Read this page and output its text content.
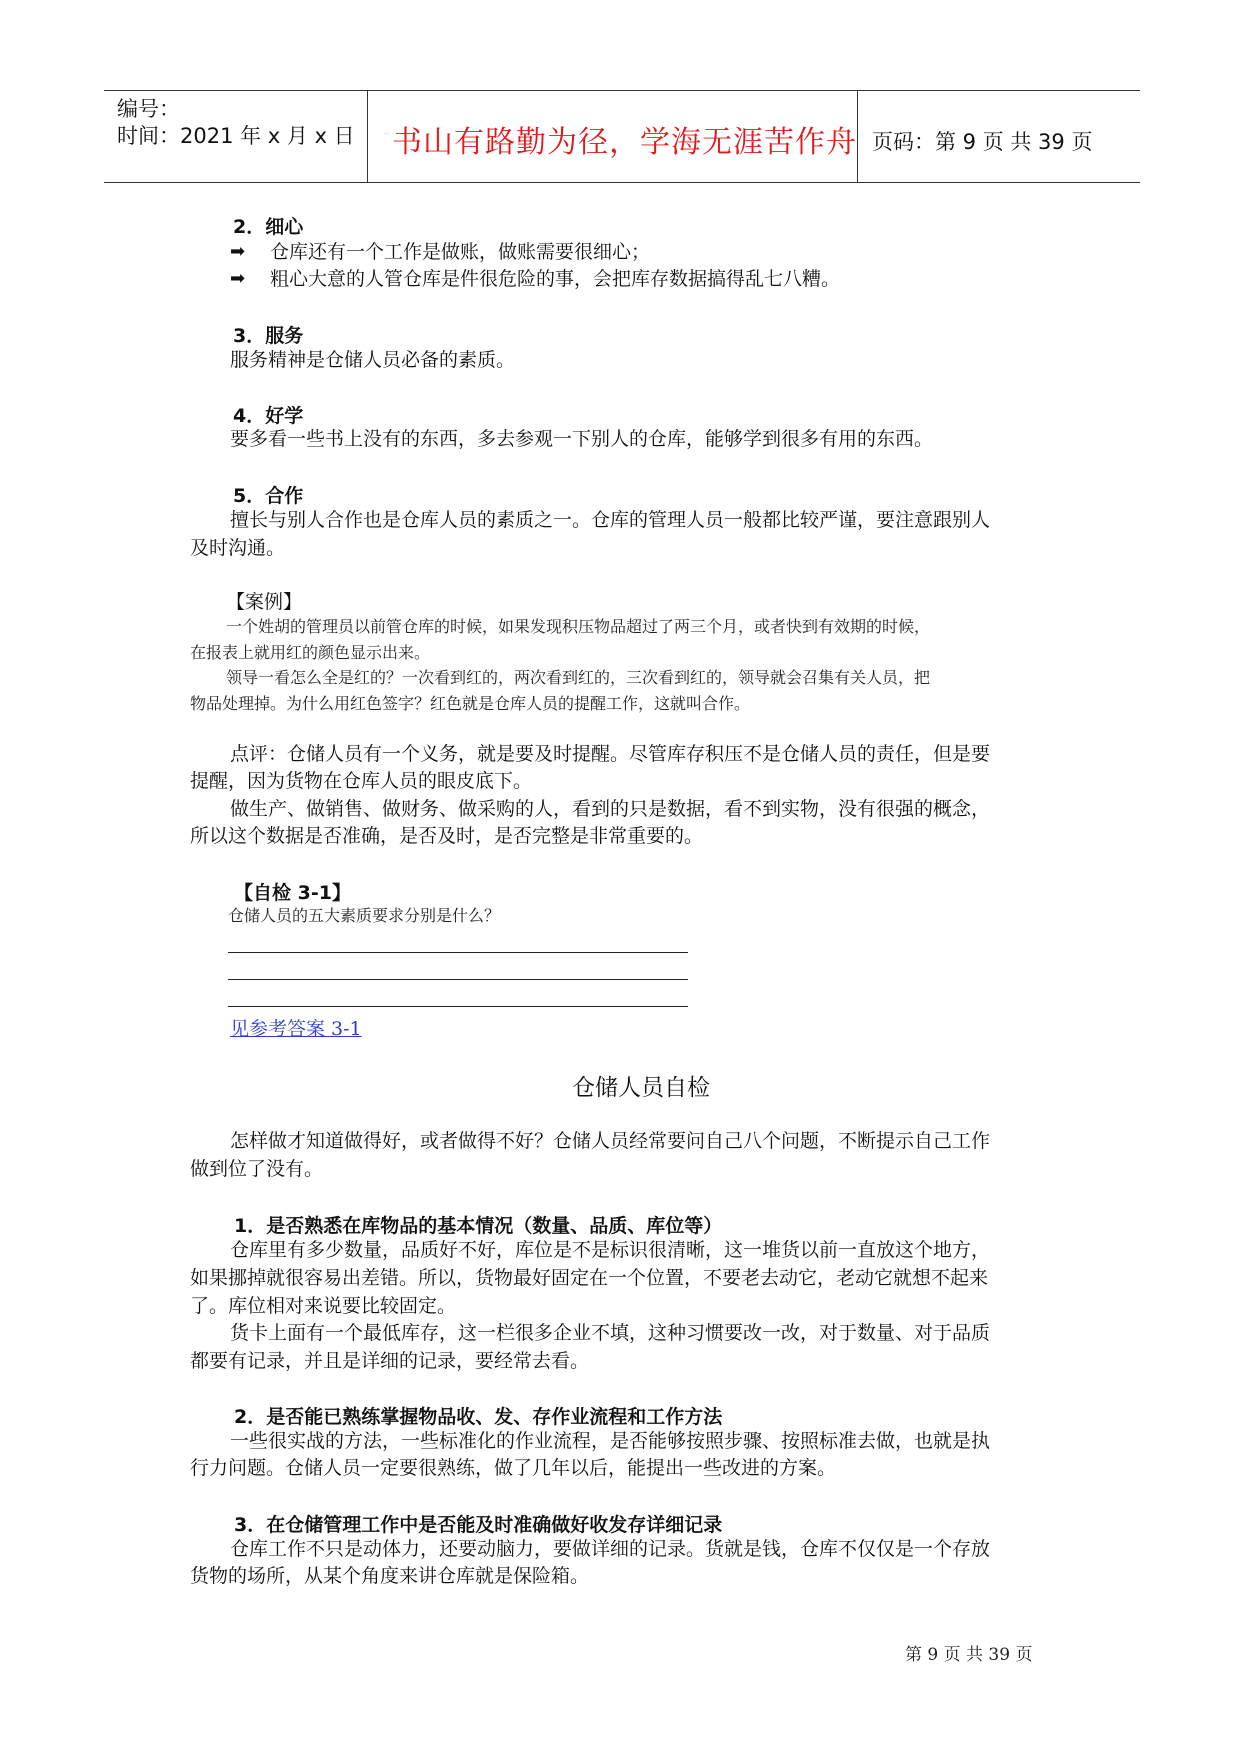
编号：
时间：2021 年 x 月 x 日 书山有路勤为径，学海无涯苦作舟 页码：第 9 页 共 39 页
2．细心
➡ 仓库还有一个工作是做账，做账需要很细心；
➡ 粗心大意的人管仓库是件很危险的事，会把库存数据搞得乱七八糟。
3．服务
服务精神是仓储人员必备的素质。
4．好学
要多看一些书上没有的东西，多去参观一下别人的仓库，能够学到很多有用的东西。
5．合作
擅长与别人合作也是仓库人员的素质之一。仓库的管理人员一般都比较严谨，要注意跟别人
及时沟通。
【案例】
一个姓胡的管理员以前管仓库的时候，如果发现积压物品超过了两三个月，或者快到有效期的时候，
在报表上就用红的颜色显示出来。
领导一看怎么全是红的？一次看到红的，两次看到红的，三次看到红的，领导就会召集有关人员，把
物品处理掉。为什么用红色签字？红色就是仓库人员的提醒工作，这就叫合作。
点评：仓储人员有一个义务，就是要及时提醒。尽管库存积压不是仓储人员的责任，但是要
提醒，因为货物在仓库人员的眼皮底下。
做生产、做销售、做财务、做采购的人，看到的只是数据，看不到实物，没有很强的概念，
所以这个数据是否准确，是否及时，是否完整是非常重要的。
【自检 3-1】
仓储人员的五大素质要求分别是什么？
见参考答案 3-1
仓储人员自检
怎样做才知道做得好，或者做得不好？仓储人员经常要问自己八个问题，不断提示自己工作
做到位了没有。
1．是否熟悉在库物品的基本情况（数量、品质、库位等）
仓库里有多少数量，品质好不好，库位是不是标识很清晰，这一堆货以前一直放这个地方，
如果挪掉就很容易出差错。所以，货物最好固定在一个位置，不要老去动它，老动它就想不起来
了。库位相对来说要比较固定。
货卡上面有一个最低库存，这一栏很多企业不填，这种习惯要改一改，对于数量、对于品质
都要有记录，并且是详细的记录，要经常去看。
2．是否能已熟练掌握物品收、发、存作业流程和工作方法
一些很实战的方法，一些标准化的作业流程，是否能够按照步骤、按照标准去做，也就是执
行力问题。仓储人员一定要很熟练，做了几年以后，能提出一些改进的方案。
3．在仓储管理工作中是否能及时准确做好收发存详细记录
仓库工作不只是动体力，还要动脑力，要做详细的记录。货就是钱，仓库不仅仅是一个存放
货物的场所，从某个角度来讲仓库就是保险箱。
第 9 页 共 39 页
